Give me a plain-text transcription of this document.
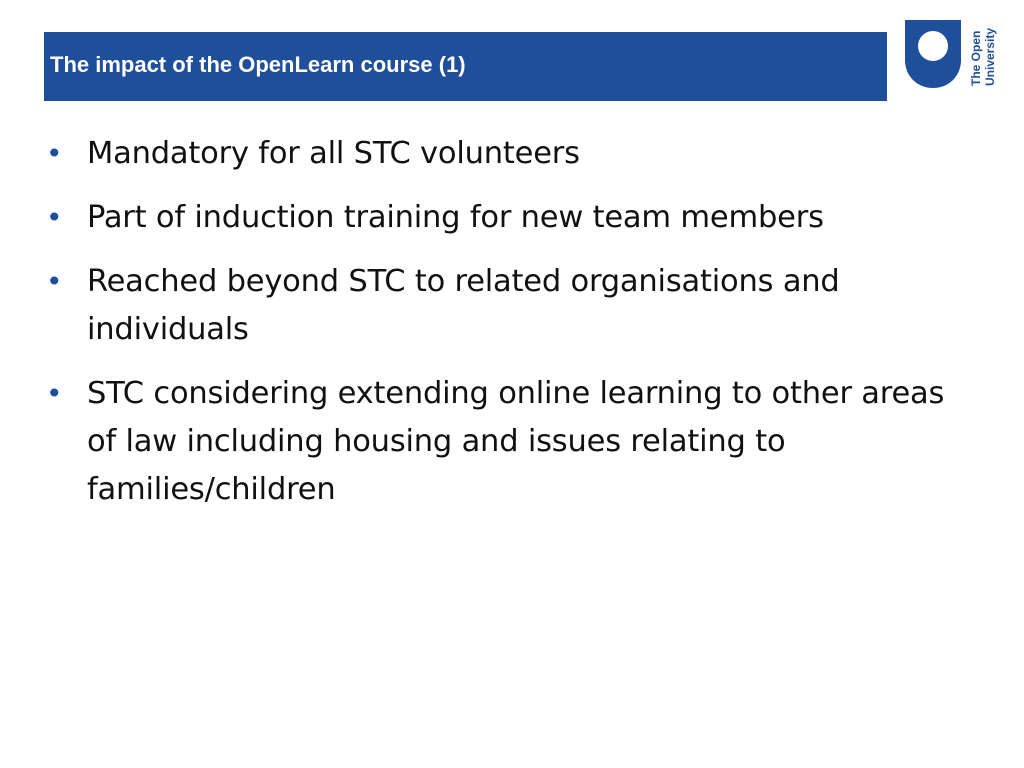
The impact of the OpenLearn course (1)	The Open University
• Mandatory for all STC volunteers
• Part of induction training for new team members
• Reached beyond STC to related organisations and individuals
• STC considering extending online learning to other areas of law including housing and issues relating to families/children
